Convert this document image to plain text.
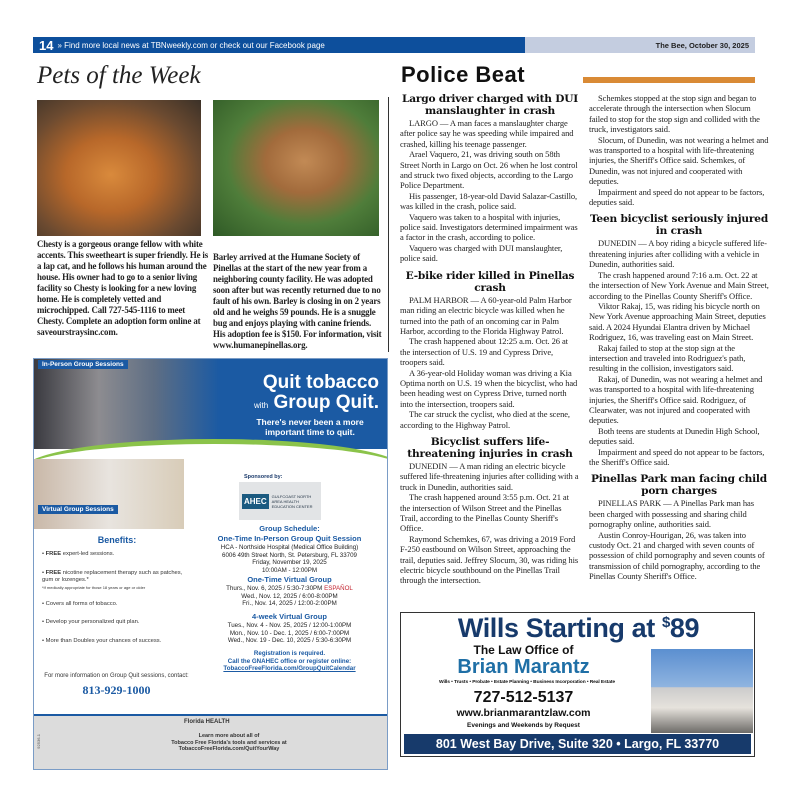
14 » Find more local news at TBNweekly.com or check out our Facebook page	The Bee, October 30, 2025
Pets of the Week
Chesty is a gorgeous orange fellow with white accents. This sweetheart is super friendly. He is a lap cat, and he follows his human around the house. His owner had to go to a senior living facility so Chesty is looking for a new loving home. He is completely vetted and microchipped. Call 727-545-1116 to meet Chesty. Complete an adoption form online at saveourstraysinc.com.
Barley arrived at the Humane Society of Pinellas at the start of the new year from a neighboring county facility. He was adopted soon after but was recently returned due to no fault of his own. Barley is closing in on 2 years old and he weighs 59 pounds. He is a snuggle bug and enjoys playing with canine friends. His adoption fee is $150. For information, visit www.humanepinellas.org.
Police Beat
Largo driver charged with DUI manslaughter in crash

LARGO — A man faces a manslaughter charge after police say he was speeding while impaired and crashed, killing his teenage passenger.

Arael Vaquero, 21, was driving south on 58th Street North in Largo on Oct. 26 when he lost control and struck two fixed objects, according to the Largo Police Department.

His passenger, 18-year-old David Salazar-Castillo, was killed in the crash, police said.

Vaquero was taken to a hospital with injuries, police said. Investigators determined impairment was a factor in the crash, according to police.

Vaquero was charged with DUI manslaughter, police said.

E-bike rider killed in Pinellas crash

PALM HARBOR — A 60-year-old Palm Harbor man riding an electric bicycle was killed when he turned into the path of an oncoming car in Palm Harbor, according to the Florida Highway Patrol.

The crash happened about 12:25 a.m. Oct. 26 at the intersection of U.S. 19 and Cypress Drive, troopers said.

A 36-year-old Holiday woman was driving a Kia Optima north on U.S. 19 when the bicyclist, who had been heading west on Cypress Drive, turned north into the intersection, troopers said.

The car struck the cyclist, who died at the scene, according to the Highway Patrol.

Bicyclist suffers life-threatening injuries in crash

DUNEDIN — A man riding an electric bicycle suffered life-threatening injuries after colliding with a truck in Dunedin, authorities said.

The crash happened around 3:55 p.m. Oct. 21 at the intersection of Wilson Street and the Pinellas Trail, according to the Pinellas County Sheriff's Office.

Raymond Schemkes, 67, was driving a 2019 Ford F-250 eastbound on Wilson Street, approaching the trail, deputies said. Jeffrey Slocum, 30, was riding his electric bicycle southbound on the Pinellas Trail through the intersection.

Schemkes stopped at the stop sign and began to accelerate through the intersection when Slocum failed to stop for the stop sign and collided with the truck, investigators said.

Slocum, of Dunedin, was not wearing a helmet and was transported to a hospital with life-threatening injuries, the Sheriff's Office said. Schemkes, of Dunedin, was not injured and cooperated with deputies.

Impairment and speed do not appear to be factors, deputies said.

Teen bicyclist seriously injured in crash

DUNEDIN — A boy riding a bicycle suffered life-threatening injuries after colliding with a vehicle in Dunedin, authorities said.

The crash happened around 7:16 a.m. Oct. 22 at the intersection of New York Avenue and Main Street, according to the Pinellas County Sheriff's Office.

Viktor Rakaj, 15, was riding his bicycle north on New York Avenue approaching Main Street, deputies said. A 2024 Hyundai Elantra driven by Michael Rodriguez, 16, was traveling east on Main Street.

Rakaj failed to stop at the stop sign at the intersection and traveled into Rodriguez's path, resulting in the collision, investigators said.

Rakaj, of Dunedin, was not wearing a helmet and was transported to a hospital with life-threatening injuries, the Sheriff's Office said. Rodriguez, of Clearwater, was not injured and cooperated with deputies.

Both teens are students at Dunedin High School, deputies said.

Impairment and speed do not appear to be factors, the Sheriff's Office said.

Pinellas Park man facing child porn charges

PINELLAS PARK — A Pinellas Park man has been charged with possessing and sharing child pornography online, authorities said.

Austin Conroy-Hourigan, 26, was taken into custody Oct. 21 and charged with seven counts of possession of child pornography and seven counts of transmission of child pornography, according to the Pinellas County Sheriff's Office.

In-Person Group Sessions
Quit tobacco
with Group Quit.
There's never been a more important time to quit.
Virtual Group Sessions
Sponsored by:
AHEC
GULFCOAST NORTH AREA HEALTH EDUCATION CENTER
Benefits:
• FREE expert-led sessions.
• FREE nicotine replacement therapy such as patches, gum or lozenges.*
*If medically appropriate for those 18 years or age or older
• Covers all forms of tobacco.
• Develop your personalized quit plan.
• More than Doubles your chances of success.
For more information on Group Quit sessions, contact:
813-929-1000
Group Schedule:
One-Time In-Person Group Quit Session
HCA - Northside Hospital (Medical Office Building)
6006 49th Street North, St. Petersburg, FL 33709
Friday, November 19, 2025
10:00AM - 12:00PM
One-Time Virtual Group
Thurs., Nov. 6, 2025 / 5:30-7:30PM ESPAÑOL
Wed., Nov. 12, 2025 / 6:00-8:00PM
Fri., Nov. 14, 2025 / 12:00-2:00PM
4-week Virtual Group
Tues., Nov. 4 - Nov. 25, 2025 / 12:00-1:00PM
Mon., Nov. 10 - Dec. 1, 2025 / 6:00-7:00PM
Wed., Nov. 19 - Dec. 10, 2025 / 5:30-6:30PM
Registration is required.
Call the GNAHEC office or register online:
TobaccoFreeFlorida.com/GroupQuitCalendar
92536-1
Florida HEALTH
Learn more about all of
Tobacco Free Florida's tools and services at
TobaccoFreeFlorida.com/QuitYourWay
Wills Starting at $89
The Law Office of
Brian Marantz
Wills • Trusts • Probate • Estate Planning • Business Incorporation • Real Estate
727-512-5137
www.brianmarantzlaw.com
Evenings and Weekends by Request
801 West Bay Drive, Suite 320 • Largo, FL 33770
